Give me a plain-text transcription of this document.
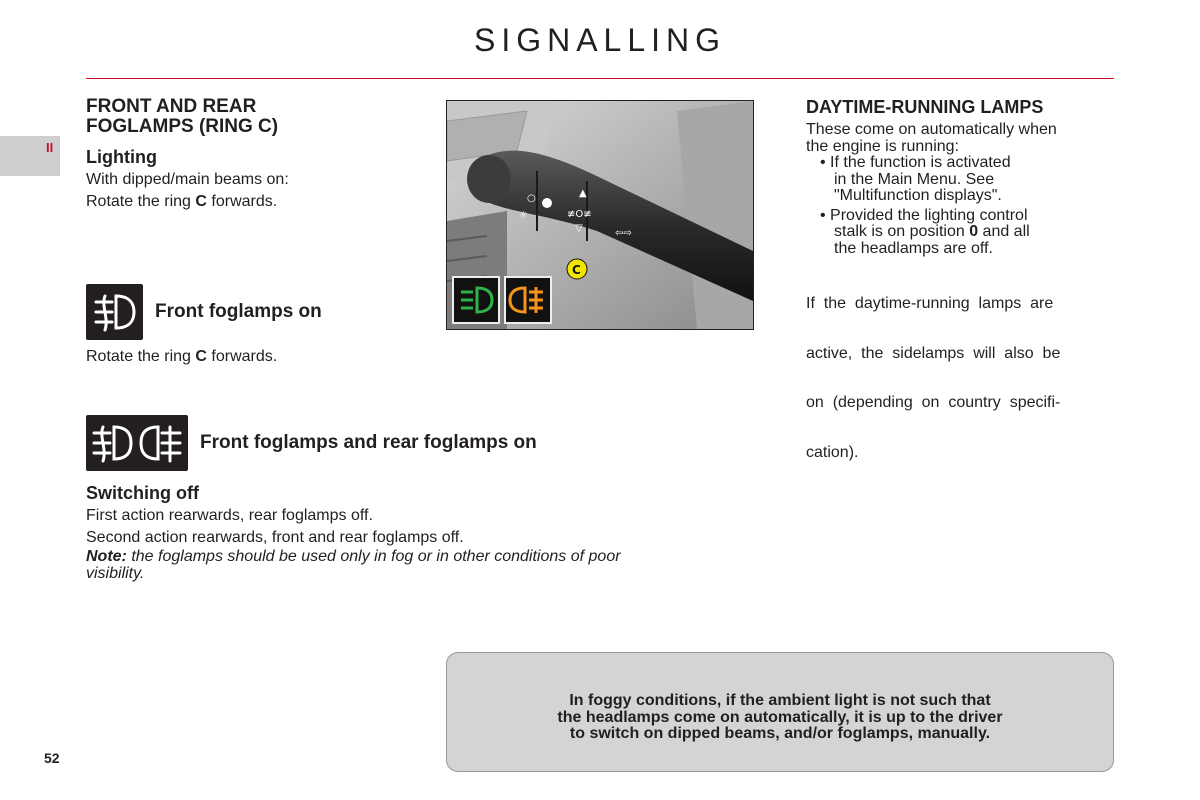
SIGNALLING
II
FRONT AND REAR
FOGLAMPS (RING C)
Lighting
With dipped/main beams on:
Rotate the ring C forwards.
Front foglamps on
Rotate the ring C forwards.
Front foglamps and rear foglamps on
Switching off
First action rearwards, rear foglamps off.
Second action rearwards, front and rear foglamps off.
Note: the foglamps should be used only in fog or in other conditions of poor
visibility.
○
☼
▲
≢O≢
▽	⇦⇨
C
DAYTIME-RUNNING LAMPS
These come on automatically when
the engine is running:
• If the function is activated
in the Main Menu. See
"Multifunction displays".
• Provided the lighting control
stalk is on position 0 and all
the headlamps are off.

If  the  daytime-running  lamps  are

active,  the  sidelamps  will  also  be

on  (depending  on  country  specifi-

cation).

In foggy conditions, if the ambient light is not such that
the headlamps come on automatically, it is up to the driver
to switch on dipped beams, and/or foglamps, manually.
52
